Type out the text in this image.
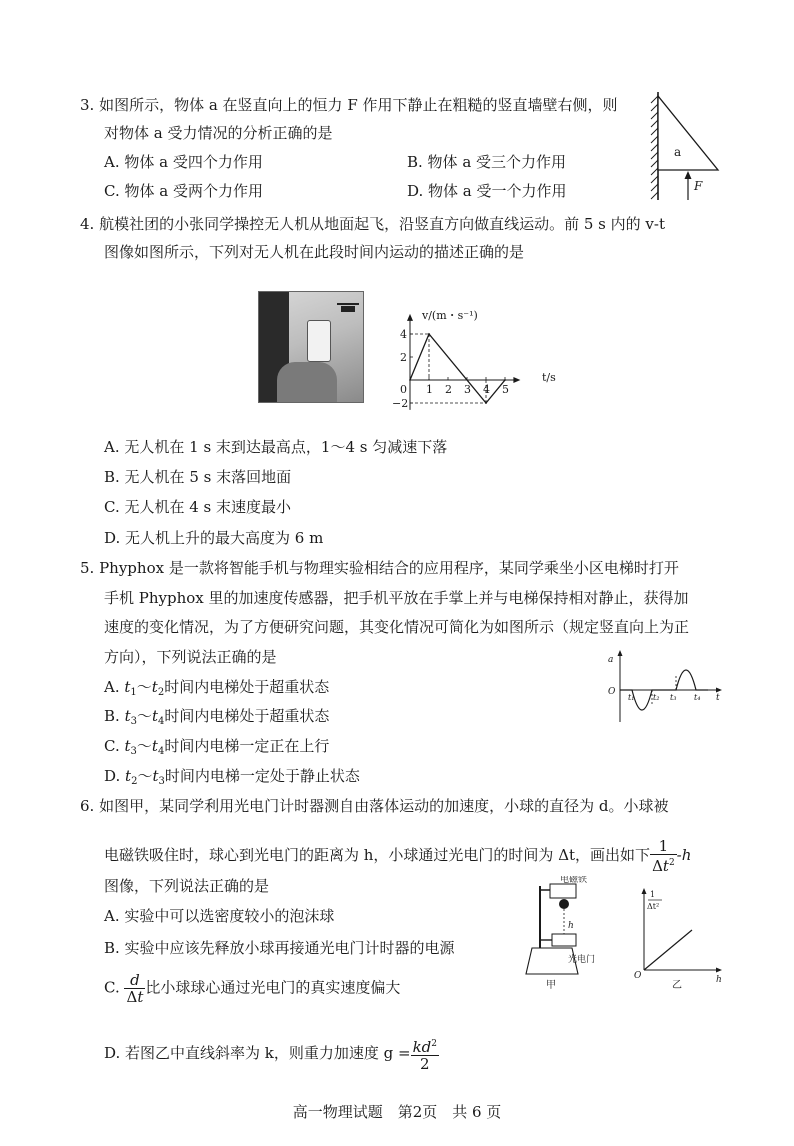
3. 如图所示，物体 a 在竖直向上的恒力 F 作用下静止在粗糙的竖直墙壁右侧，则
对物体 a 受力情况的分析正确的是
A. 物体 a 受四个力作用	B. 物体 a 受三个力作用
C. 物体 a 受两个力作用	D. 物体 a 受一个力作用
a
F
4. 航模社团的小张同学操控无人机从地面起飞，沿竖直方向做直线运动。前 5 s 内的 v-t
图像如图所示，下列对无人机在此段时间内运动的描述正确的是
0 1 2 3 4 5
4
2
−2
v/(m・s⁻¹)
t/s
A. 无人机在 1 s 末到达最高点，1～4 s 匀减速下落
B. 无人机在 5 s 末落回地面
C. 无人机在 4 s 末速度最小
D. 无人机上升的最大高度为 6 m
5. Phyphox 是一款将智能手机与物理实验相结合的应用程序，某同学乘坐小区电梯时打开
手机 Phyphox 里的加速度传感器，把手机平放在手掌上并与电梯保持相对静止，获得加
速度的变化情况，为了方便研究问题，其变化情况可简化为如图所示（规定竖直向上为正
方向），下列说法正确的是
A. $t_1\sim t_2$时间内电梯处于超重状态
B. $t_3\sim t_4$时间内电梯处于超重状态
C. $t_3\sim t_4$时间内电梯一定正在上行
D. $t_2\sim t_3$时间内电梯一定处于静止状态
a
O
t
t₁ t₂ t₃ t₄
6. 如图甲，某同学利用光电门计时器测自由落体运动的加速度，小球的直径为 d。小球被
电磁铁吸住时，球心到光电门的距离为 h，小球通过光电门的时间为 Δt，画出如下 $\frac{1}{\Delta t^2} -h$
图像，下列说法正确的是
A. 实验中可以选密度较小的泡沫球
B. 实验中应该先释放小球再接通光电门计时器的电源
C. $\frac{d}{\Delta t}$ 比小球球心通过光电门的真实速度偏大
D. 若图乙中直线斜率为 k，则重力加速度 $g = \frac{kd^2}{2}$
电磁铁
h
光电门
甲
1
Δt²
O	h
乙
高一物理试题　第2页　共 6 页
